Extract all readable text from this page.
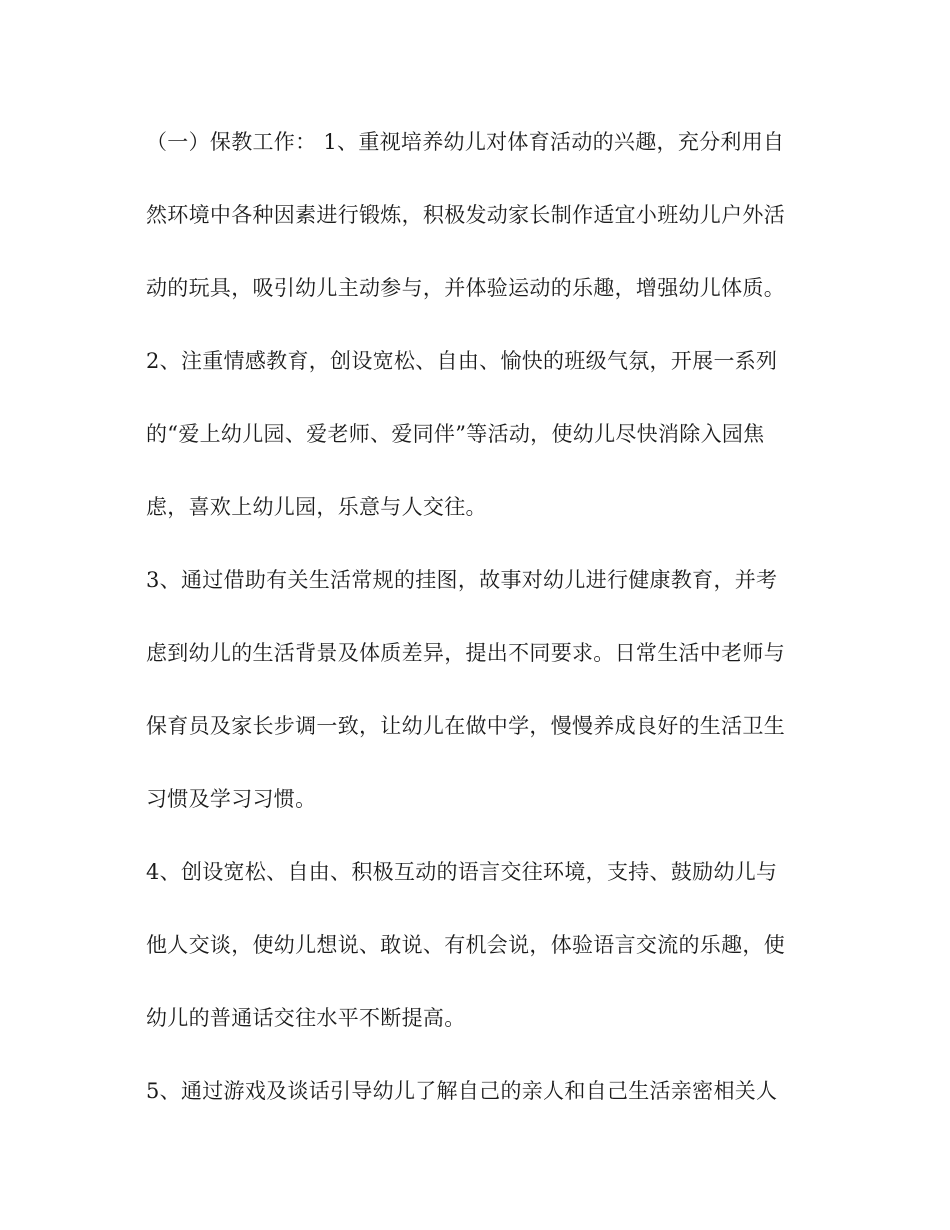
（一）保教工作： 1、重视培养幼儿对体育活动的兴趣，充分利用自
然环境中各种因素进行锻炼，积极发动家长制作适宜小班幼儿户外活
动的玩具，吸引幼儿主动参与，并体验运动的乐趣，增强幼儿体质。
2、注重情感教育，创设宽松、自由、愉快的班级气氛，开展一系列
的“爱上幼儿园、爱老师、爱同伴”等活动，使幼儿尽快消除入园焦
虑，喜欢上幼儿园，乐意与人交往。
3、通过借助有关生活常规的挂图，故事对幼儿进行健康教育，并考
虑到幼儿的生活背景及体质差异，提出不同要求。日常生活中老师与
保育员及家长步调一致，让幼儿在做中学，慢慢养成良好的生活卫生
习惯及学习习惯。
4、创设宽松、自由、积极互动的语言交往环境，支持、鼓励幼儿与
他人交谈，使幼儿想说、敢说、有机会说，体验语言交流的乐趣，使
幼儿的普通话交往水平不断提高。
5、通过游戏及谈话引导幼儿了解自己的亲人和自己生活亲密相关人
